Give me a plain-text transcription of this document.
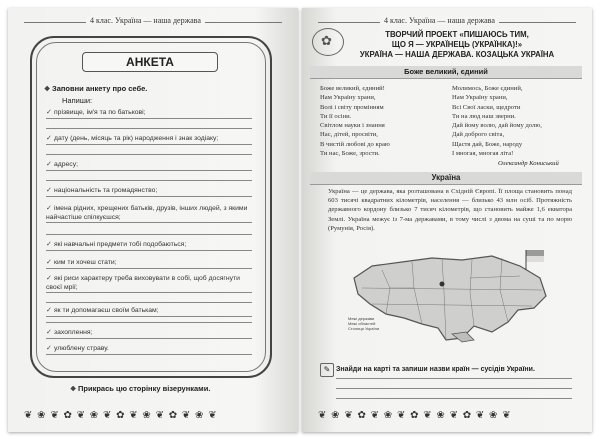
4 клас. Україна — наша держава
АНКЕТА
❖ Заповни анкету про себе.
Напиши:
✓ прізвище, ім'я та по батькові;
✓ дату (день, місяць та рік) народження і знак зодіаку;
✓ адресу;
✓ національність та громадянство;
✓ імена рідних, хрещених батьків, друзів, інших людей, з якими найчастіше спілкуєшся;
✓ які навчальні предмети тобі подобаються;
✓ ким ти хочеш стати;
✓ які риси характеру треба виховувати в собі, щоб досягнути своєї мрії;
✓ як ти допомагаєш своїм батькам;
✓ захоплення;
✓ улюблену страву.
❖ Прикрась цю сторінку візерунками.
❦ ❀ ❦ ✿ ❦ ❀ ❦ ✿ ❦ ❀ ❦ ✿ ❦ ❀ ❦
4 клас. Україна — наша держава
✿
ТВОРЧИЙ ПРОЕКТ «ПИШАЮСЬ ТИМ,
ЩО Я — УКРАЇНЕЦЬ (УКРАЇНКА)!»
УКРАЇНА — НАША ДЕРЖАВА. КОЗАЦЬКА УКРАЇНА
Боже великий, єдиний
Боже великий, єдиний!
Нам Україну храни,
Волі і світу промінням
Ти її осіни.
Світлом науки і знання
Нас, дітей, просвіти,
В чистій любові до краю
Ти нас, Боже, зрости.
Молимось, Боже єдиний,
Нам Україну храни,
Всі Свої ласки, щедроти
Ти на люд наш зверни.
Дай йому волю, дай йому долю,
Дай доброго світа,
Щастя дай, Боже, народу
І многая, многая літа!
Олександр Кониський
Україна
Україна — це держава, яка розташована в Східній Європі. Її площа становить понад 603 тисячі квадратних кілометрів, населення — близько 43 млн осіб. Протяжність державного кордону близько 7 тисяч кілометрів, що становить майже 1,6 екватора Землі. Україна межує із 7-ма державами, в тому числі з двома на суші та по морю (Румунія, Росія).
Межі держави
Межі областей
Столиця України
✎ Знайди на карті та запиши назви країн — сусідів України.
❦ ❀ ❦ ✿ ❦ ❀ ❦ ✿ ❦ ❀ ❦ ✿ ❦ ❀ ❦
